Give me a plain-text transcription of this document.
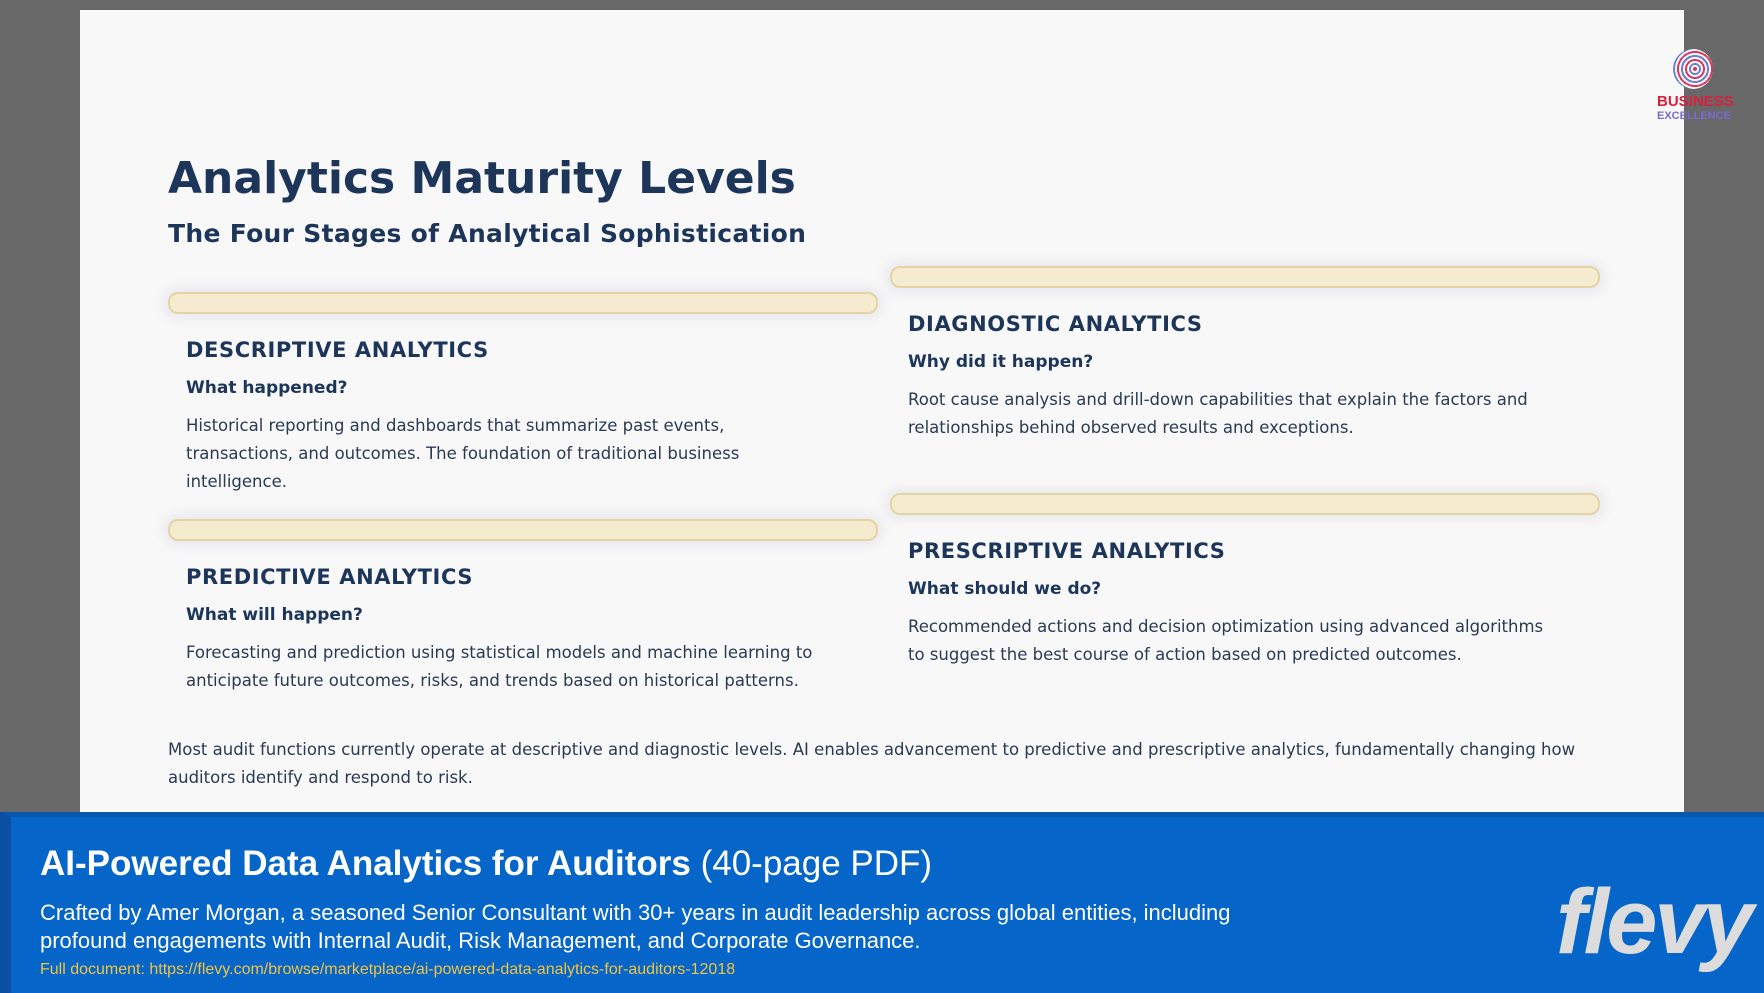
BUSINESS
EXCELLENCE
Analytics Maturity Levels
The Four Stages of Analytical Sophistication
DESCRIPTIVE ANALYTICS
What happened?
Historical reporting and dashboards that summarize past events, transactions, and outcomes. The foundation of traditional business intelligence.
DIAGNOSTIC ANALYTICS
Why did it happen?
Root cause analysis and drill-down capabilities that explain the factors and relationships behind observed results and exceptions.
PREDICTIVE ANALYTICS
What will happen?
Forecasting and prediction using statistical models and machine learning to anticipate future outcomes, risks, and trends based on historical patterns.
PRESCRIPTIVE ANALYTICS
What should we do?
Recommended actions and decision optimization using advanced algorithms to suggest the best course of action based on predicted outcomes.

Most audit functions currently operate at descriptive and diagnostic levels. AI enables advancement to predictive and prescriptive analytics, fundamentally changing how auditors identify and respond to risk.

AI-Powered Data Analytics for Auditors (40-page PDF)

Crafted by Amer Morgan, a seasoned Senior Consultant with 30+ years in audit leadership across global entities, including profound engagements with Internal Audit, Risk Management, and Corporate Governance.

Full document: https://flevy.com/browse/marketplace/ai-powered-data-analytics-for-auditors-12018	flevy
